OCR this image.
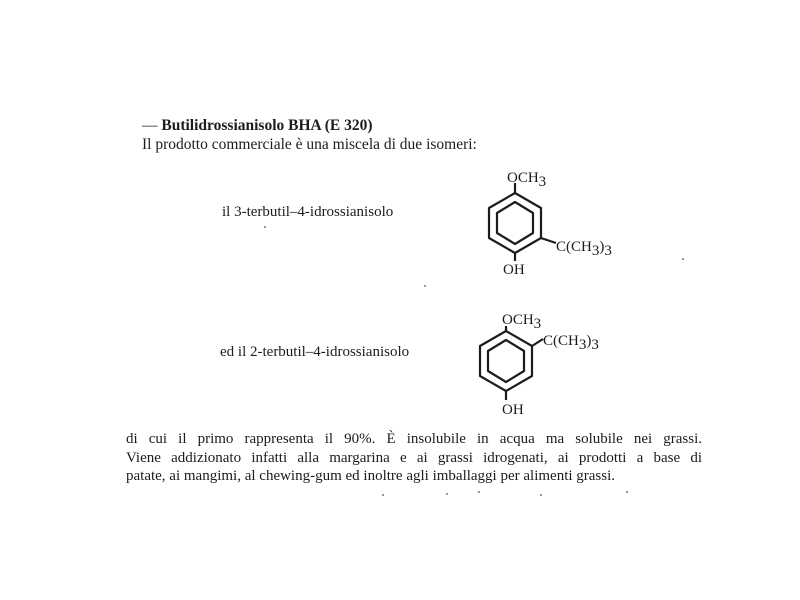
— Butilidrossianisolo BHA (E 320)
Il prodotto commerciale è una miscela di due isomeri:
il 3-terbutil–4-idrossianisolo
ed il 2-terbutil–4-idrossianisolo
OCH3
C(CH3)3
OH
OCH3
C(CH3)3
OH
di cui il primo rappresenta il 90%. È insolubile in acqua ma solubile nei grassi.
Viene addizionato infatti alla margarina e ai grassi idrogenati, ai prodotti a base di
patate, ai mangimi, al chewing-gum ed inoltre agli imballaggi per alimenti grassi.
